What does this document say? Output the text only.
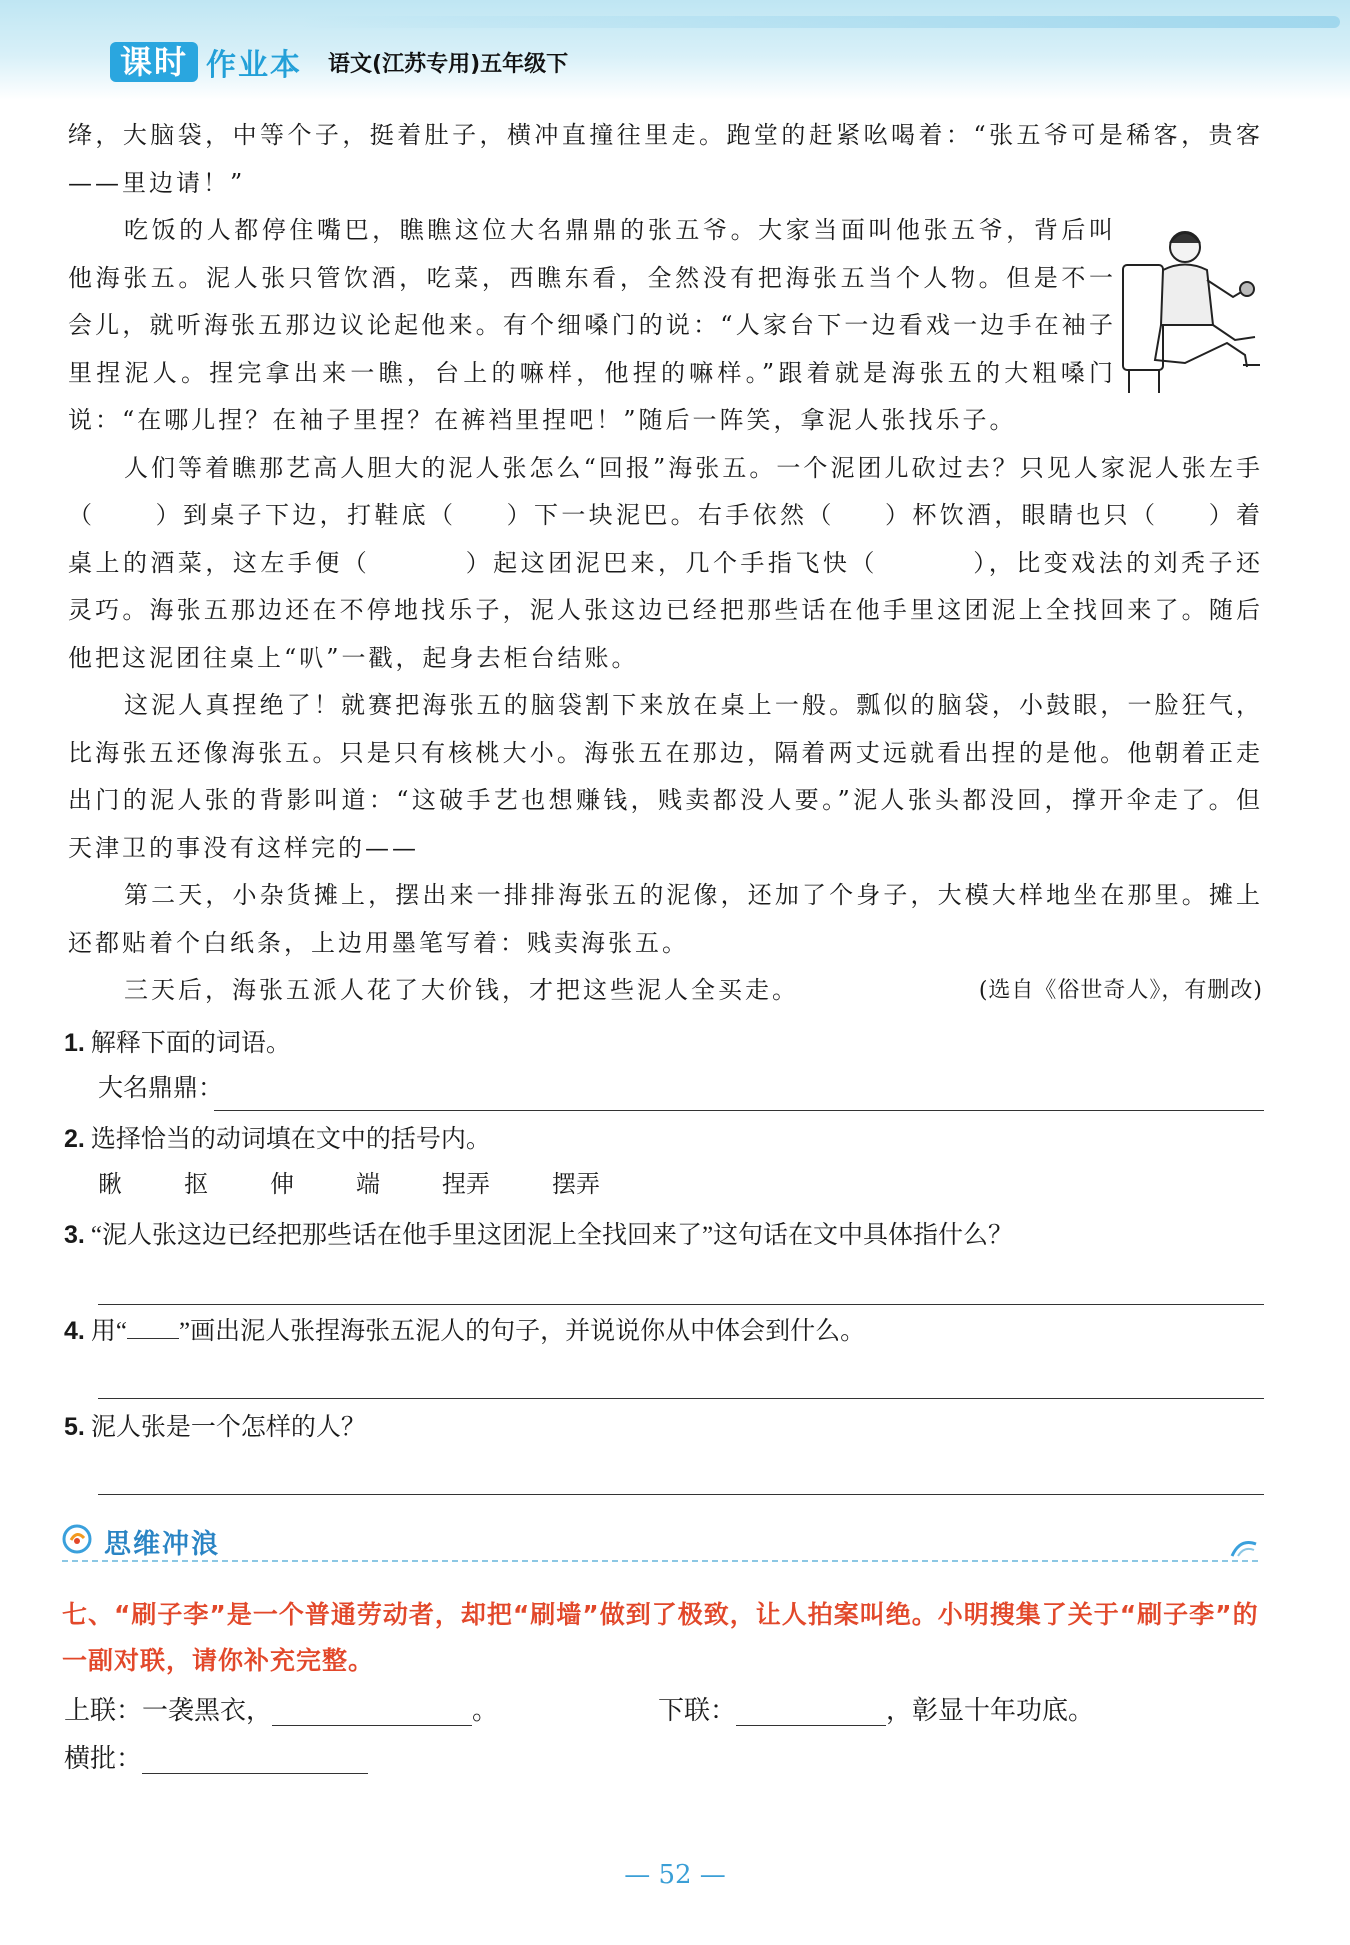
课时 作业本 语文(江苏专用)五年级下

绛，大脑袋，中等个子，挺着肚子，横冲直撞往里走。跑堂的赶紧吆喝着：“张五爷可是稀客，贵客——里边请！”

吃饭的人都停住嘴巴，瞧瞧这位大名鼎鼎的张五爷。大家当面叫他张五爷，背后叫他海张五。泥人张只管饮酒，吃菜，西瞧东看，全然没有把海张五当个人物。但是不一会儿，就听海张五那边议论起他来。有个细嗓门的说：“人家台下一边看戏一边手在袖子里捏泥人。捏完拿出来一瞧，台上的嘛样，他捏的嘛样。”跟着就是海张五的大粗嗓门说：“在哪儿捏？在袖子里捏？在裤裆里捏吧！”随后一阵笑，拿泥人张找乐子。

人们等着瞧那艺高人胆大的泥人张怎么“回报”海张五。一个泥团儿砍过去？只见人家泥人张左手（	）到桌子下边，打鞋底（ ）下一块泥巴。右手依然（ ）杯饮酒，眼睛也只（ ）着桌上的酒菜，这左手便（	）起这团泥巴来，几个手指飞快（	），比变戏法的刘秃子还灵巧。海张五那边还在不停地找乐子，泥人张这边已经把那些话在他手里这团泥上全找回来了。随后他把这泥团往桌上“叭”一戳，起身去柜台结账。

这泥人真捏绝了！就赛把海张五的脑袋割下来放在桌上一般。瓢似的脑袋，小鼓眼，一脸狂气，比海张五还像海张五。只是只有核桃大小。海张五在那边，隔着两丈远就看出捏的是他。他朝着正走出门的泥人张的背影叫道：“这破手艺也想赚钱，贱卖都没人要。”泥人张头都没回，撑开伞走了。但天津卫的事没有这样完的——

第二天，小杂货摊上，摆出来一排排海张五的泥像，还加了个身子，大模大样地坐在那里。摊上还都贴着个白纸条，上边用墨笔写着：贱卖海张五。

三天后，海张五派人花了大价钱，才把这些泥人全买走。	(选自《俗世奇人》，有删改)

1. 解释下面的词语。
大名鼎鼎：
2. 选择恰当的动词填在文中的括号内。
瞅	抠	伸	端	捏弄	摆弄
3. “泥人张这边已经把那些话在他手里这团泥上全找回来了”这句话在文中具体指什么？
4. 用“ ”画出泥人张捏海张五泥人的句子，并说说你从中体会到什么。
5. 泥人张是一个怎样的人？
思维冲浪
七、“刷子李”是一个普通劳动者，却把“刷墙”做到了极致，让人拍案叫绝。小明搜集了关于“刷子李”的一副对联，请你补充完整。
上联：一袭黑衣，	。	下联：	，彰显十年功底。
横批：
— 52 —
